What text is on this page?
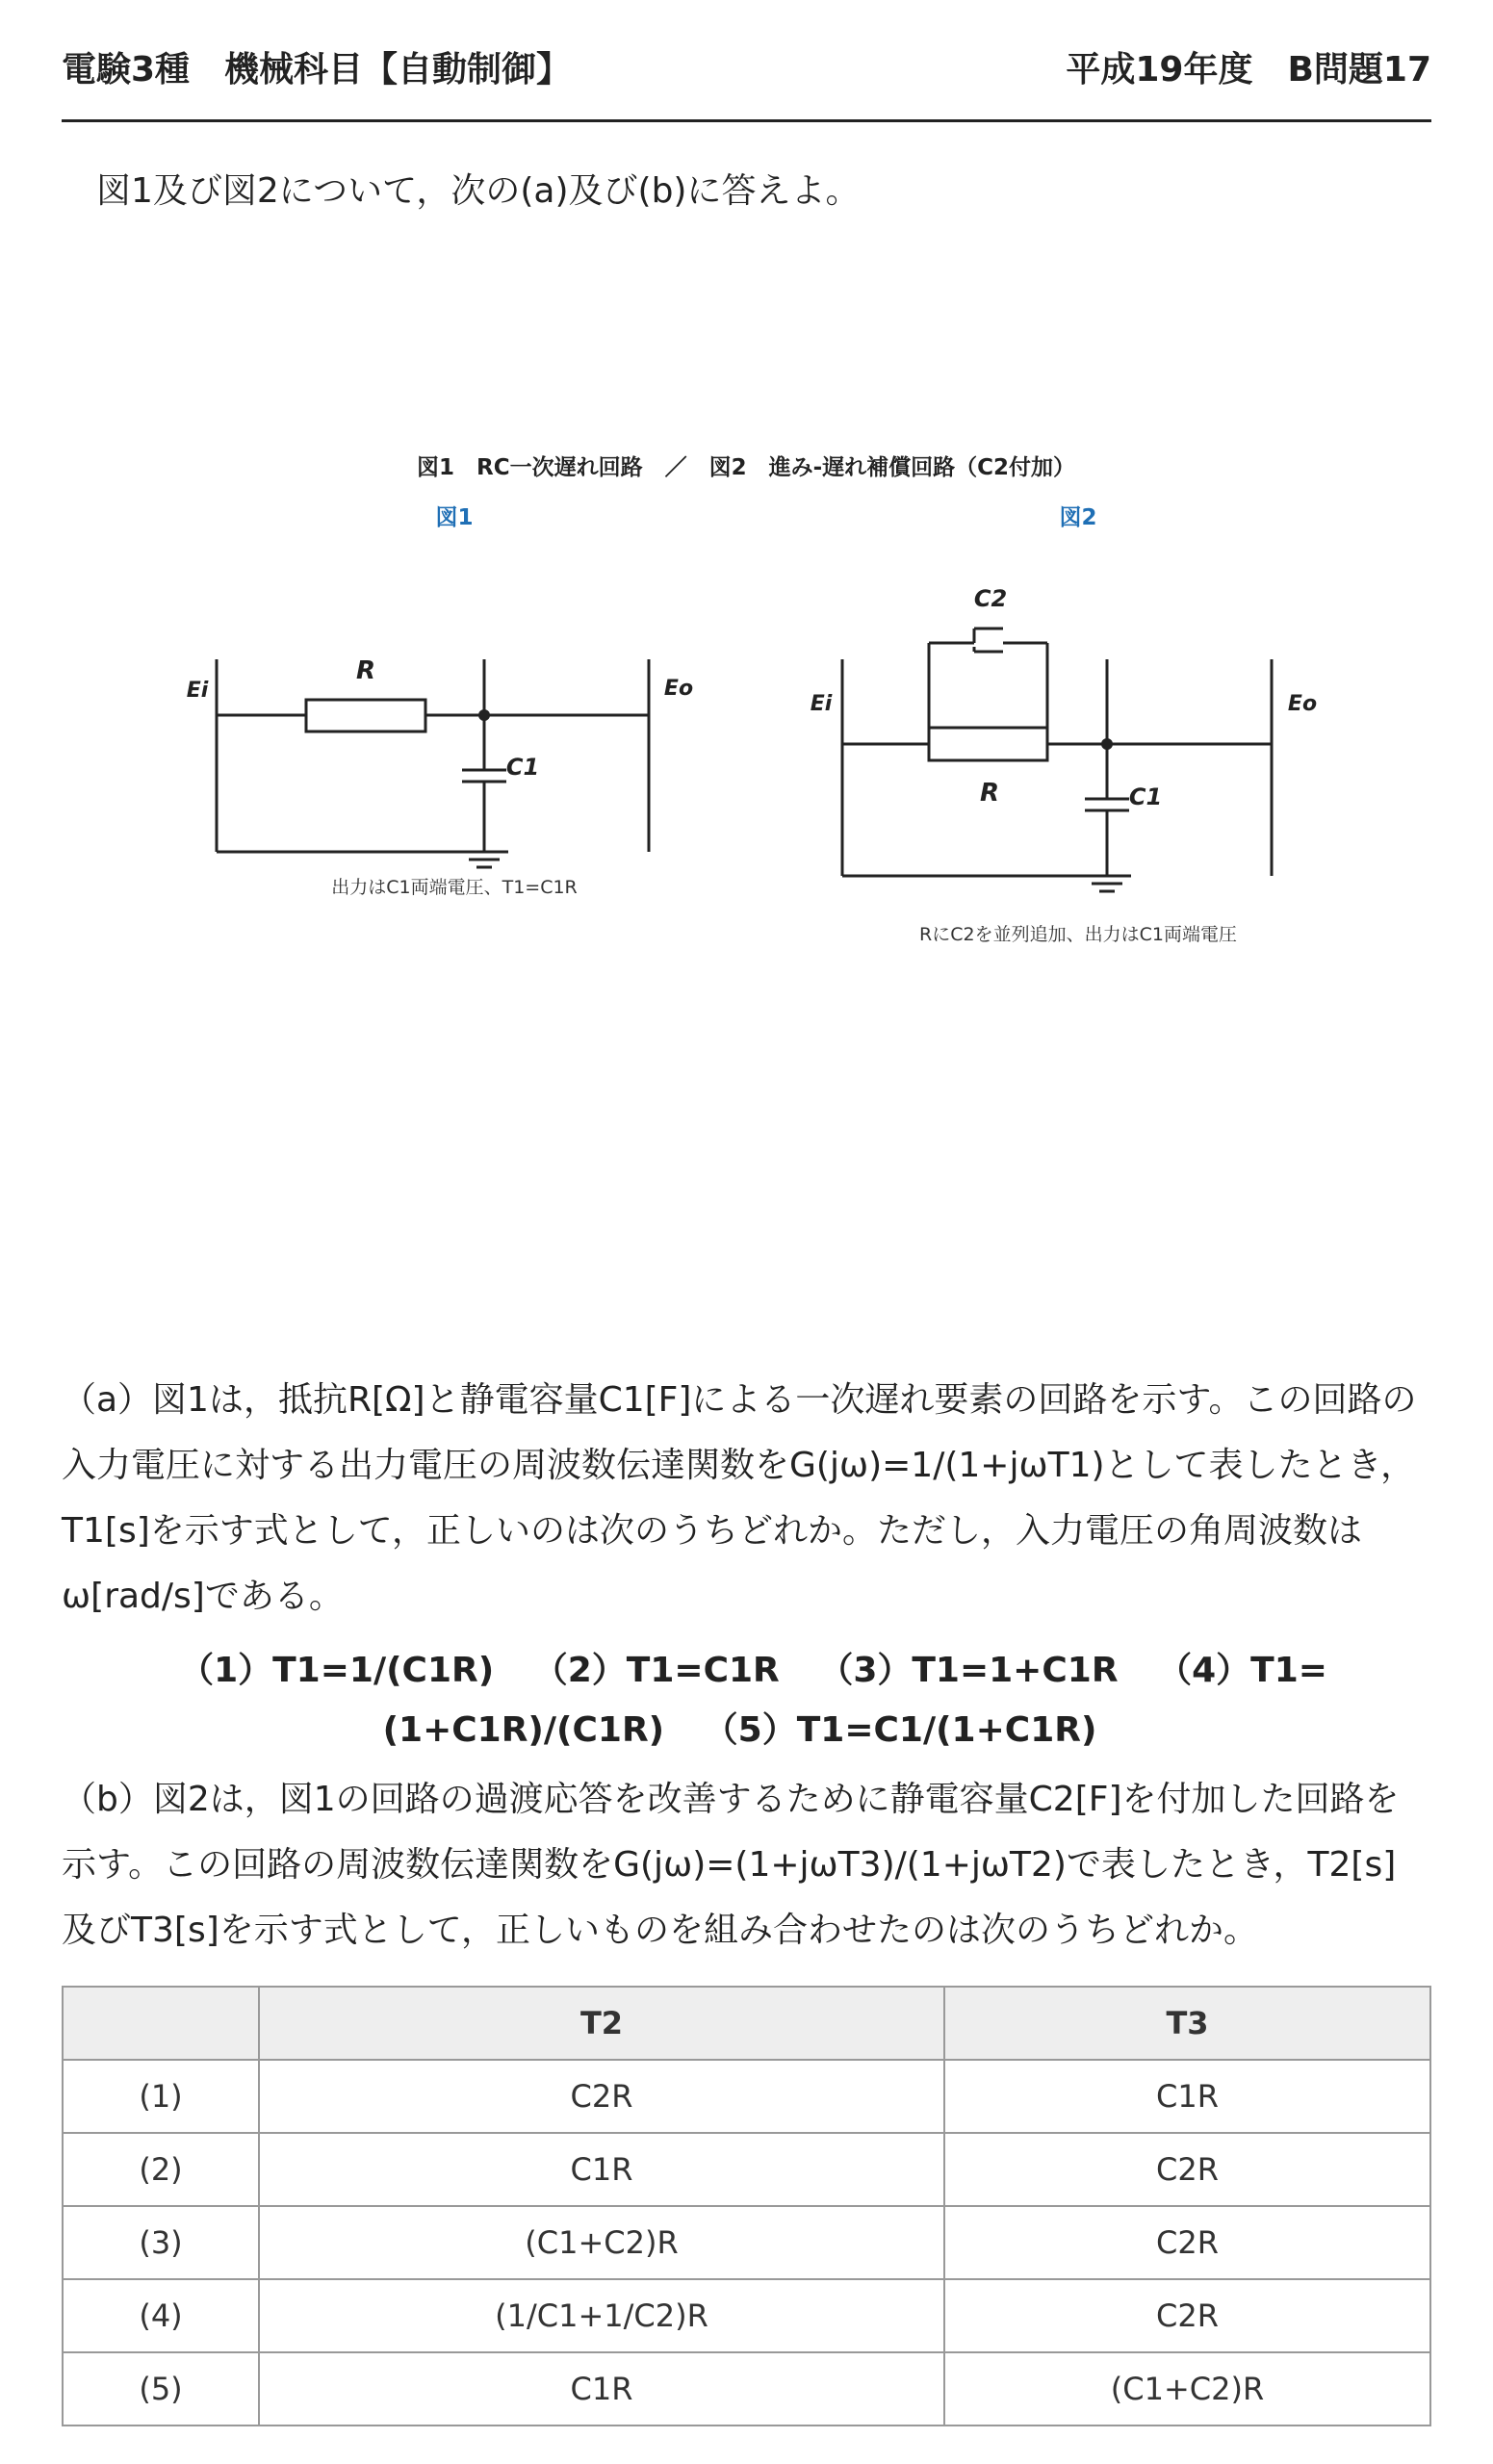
電験3種　機械科目【自動制御】	平成19年度　B問題17
図1及び図2について，次の(a)及び(b)に答えよ。
図1　RC一次遅れ回路　／　図2　進み-遅れ補償回路（C2付加）
図1	図2
Ei	Eo
R
C1
出力はC1両端電圧、T1=C1R
Ei	Eo
C2
R	C1
RにC2を並列追加、出力はC1両端電圧
（a）図1は，抵抗R[Ω]と静電容量C1[F]による一次遅れ要素の回路を示す。この回路の
入力電圧に対する出力電圧の周波数伝達関数をG(jω)=1/(1+jωT1)として表したとき，
T1[s]を示す式として，正しいのは次のうちどれか。ただし，入力電圧の角周波数は
ω[rad/s]である。
（1）T1=1/(C1R) （2）T1=C1R （3）T1=1+C1R （4）T1=(1+C1R)/(C1R) （5）T1=C1/(1+C1R)
（b）図2は，図1の回路の過渡応答を改善するために静電容量C2[F]を付加した回路を
示す。この回路の周波数伝達関数をG(jω)=(1+jωT3)/(1+jωT2)で表したとき，T2[s]
及びT3[s]を示す式として，正しいものを組み合わせたのは次のうちどれか。
	T2	T3
(1)	C2R	C1R
(2)	C1R	C2R
(3)	(C1+C2)R	C2R
(4)	(1/C1+1/C2)R	C2R
(5)	C1R	(C1+C2)R
